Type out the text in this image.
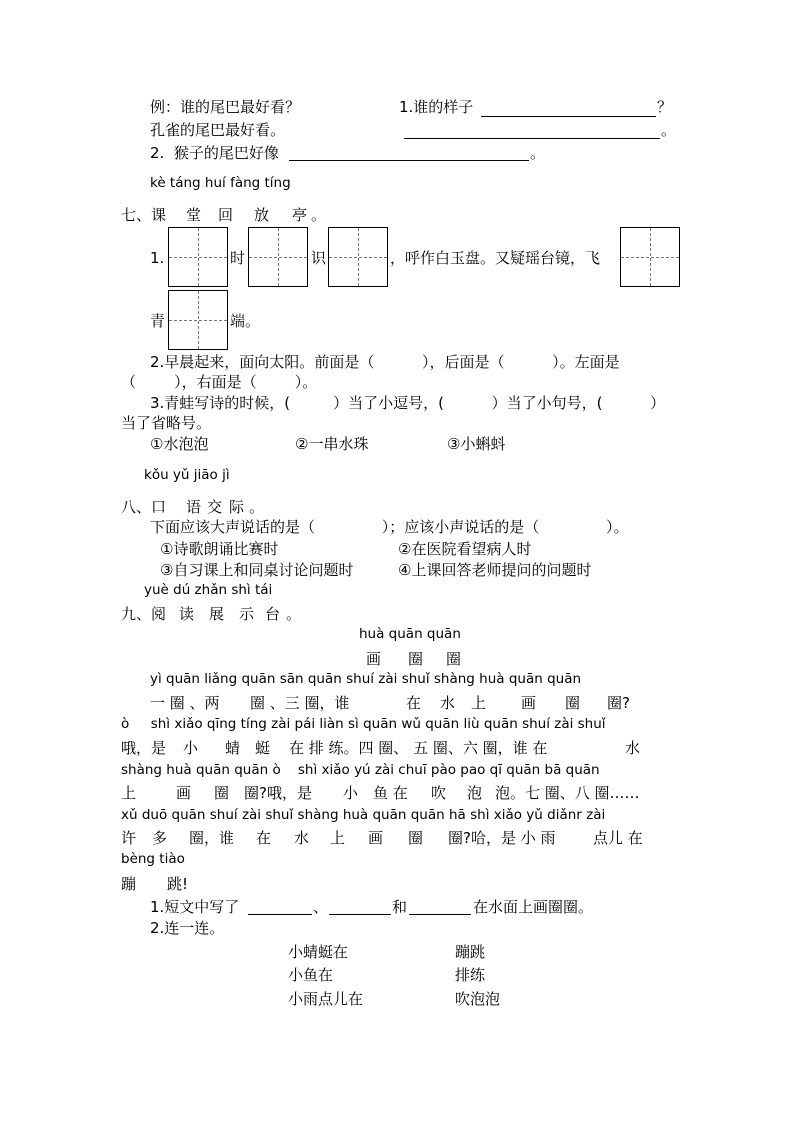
例：谁的尾巴最好看？	1.谁的样子	？
孔雀的尾巴最好看。	。
2.  猴子的尾巴好像	。
kè táng huí fàng tíng
七、课 堂 回 放 亭 。
1.	时	识	，呼作白玉盘。又疑瑶台镜，飞
青	端。
2.早晨起来，面向太阳。前面是（          ），后面是（          ）。左面是
（        ），右面是（        ）。
3.青蛙写诗的时候，(         ）当了小逗号，(          ）当了小句号，(          ）
当了省略号。
①水泡泡	②一串水珠	③小蝌蚪
kǒu yǔ jiāo jì
八、口 语 交 际 。
下面应该大声说话的是（              ）；应该小声说话的是（              ）。
①诗歌朗诵比赛时	②在医院看望病人时
③自习课上和同桌讨论问题时	④上课回答老师提问的问题时
yuè dú zhǎn shì tái
九、阅 读 展 示 台 。
huà quān quān
画 圈 圈
yì quān liǎng quān sān quān shuí zài shuǐ shàng huà quān quān
一 圈 、两 圈 、三 圈，谁	在 水 上 画 圈 圈?
ò     shì xiǎo qīng tíng zài pái liàn sì quān wǔ quān liù quān shuí zài shuǐ
哦，是 小 蜻 蜓 在 排 练。四 圈、 五 圈、六 圈，谁 在	水
shàng huà quān quān ò    shì xiǎo yú zài chuī pào pao qī quān bā quān
上	画 圈 圈?哦，是 小 鱼 在 吹 泡 泡。七 圈、八 圈……
xǔ duō quān shuí zài shuǐ shàng huà quān quān hā shì xiǎo yǔ diǎnr zài
许 多 圈，谁 在 水 上 画 圈 圈?哈，是 小 雨	点儿 在
bèng tiào
蹦 跳!
1.短文中写了	、	和	在水面上画圈圈。
2.连一连。
小蜻蜓在	蹦跳
小鱼在	排练
小雨点儿在	吹泡泡
